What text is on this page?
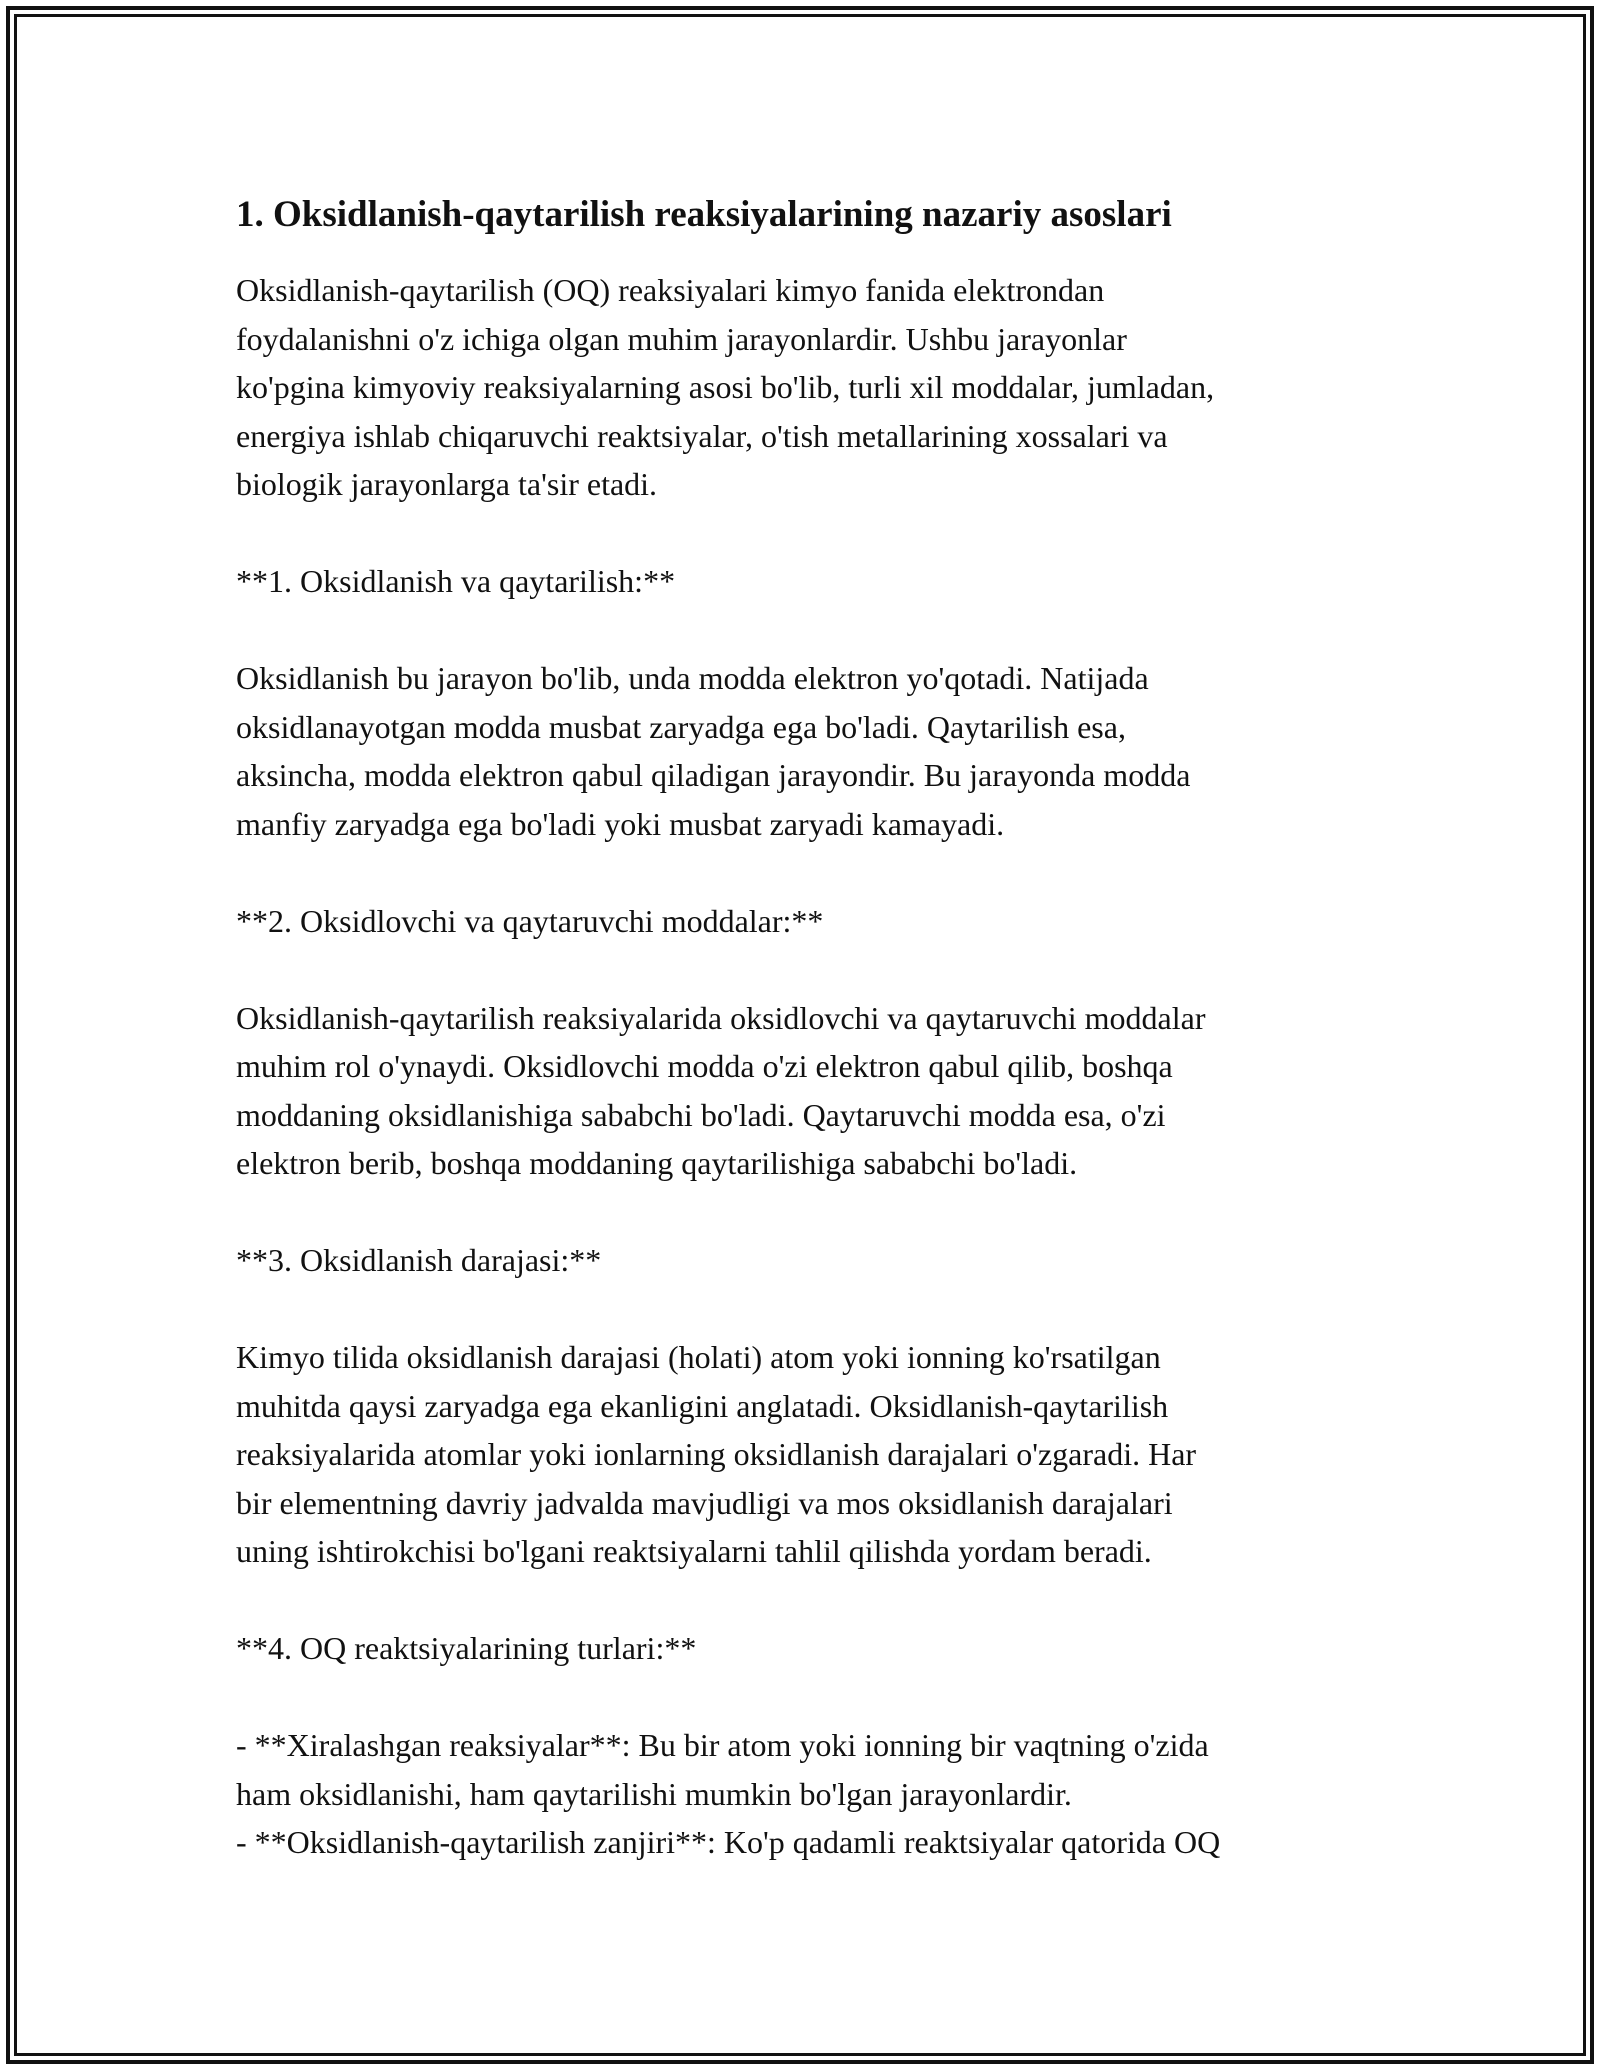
1. Oksidlanish-qaytarilish reaksiyalarining nazariy asoslari

Oksidlanish-qaytarilish (OQ) reaksiyalari kimyo fanida elektrondan

foydalanishni o'z ichiga olgan muhim jarayonlardir. Ushbu jarayonlar

ko'pgina kimyoviy reaksiyalarning asosi bo'lib, turli xil moddalar, jumladan,

energiya ishlab chiqaruvchi reaktsiyalar, o'tish metallarining xossalari va

biologik jarayonlarga ta'sir etadi.

**1. Oksidlanish va qaytarilish:**

Oksidlanish bu jarayon bo'lib, unda modda elektron yo'qotadi. Natijada

oksidlanayotgan modda musbat zaryadga ega bo'ladi. Qaytarilish esa,

aksincha, modda elektron qabul qiladigan jarayondir. Bu jarayonda modda

manfiy zaryadga ega bo'ladi yoki musbat zaryadi kamayadi.

**2. Oksidlovchi va qaytaruvchi moddalar:**

Oksidlanish-qaytarilish reaksiyalarida oksidlovchi va qaytaruvchi moddalar

muhim rol o'ynaydi. Oksidlovchi modda o'zi elektron qabul qilib, boshqa

moddaning oksidlanishiga sababchi bo'ladi. Qaytaruvchi modda esa, o'zi

elektron berib, boshqa moddaning qaytarilishiga sababchi bo'ladi.

**3. Oksidlanish darajasi:**

Kimyo tilida oksidlanish darajasi (holati) atom yoki ionning ko'rsatilgan

muhitda qaysi zaryadga ega ekanligini anglatadi. Oksidlanish-qaytarilish

reaksiyalarida atomlar yoki ionlarning oksidlanish darajalari o'zgaradi. Har

bir elementning davriy jadvalda mavjudligi va mos oksidlanish darajalari

uning ishtirokchisi bo'lgani reaktsiyalarni tahlil qilishda yordam beradi.

**4. OQ reaktsiyalarining turlari:**

- **Xiralashgan reaksiyalar**: Bu bir atom yoki ionning bir vaqtning o'zida

ham oksidlanishi, ham qaytarilishi mumkin bo'lgan jarayonlardir.

- **Oksidlanish-qaytarilish zanjiri**: Ko'p qadamli reaktsiyalar qatorida OQ
